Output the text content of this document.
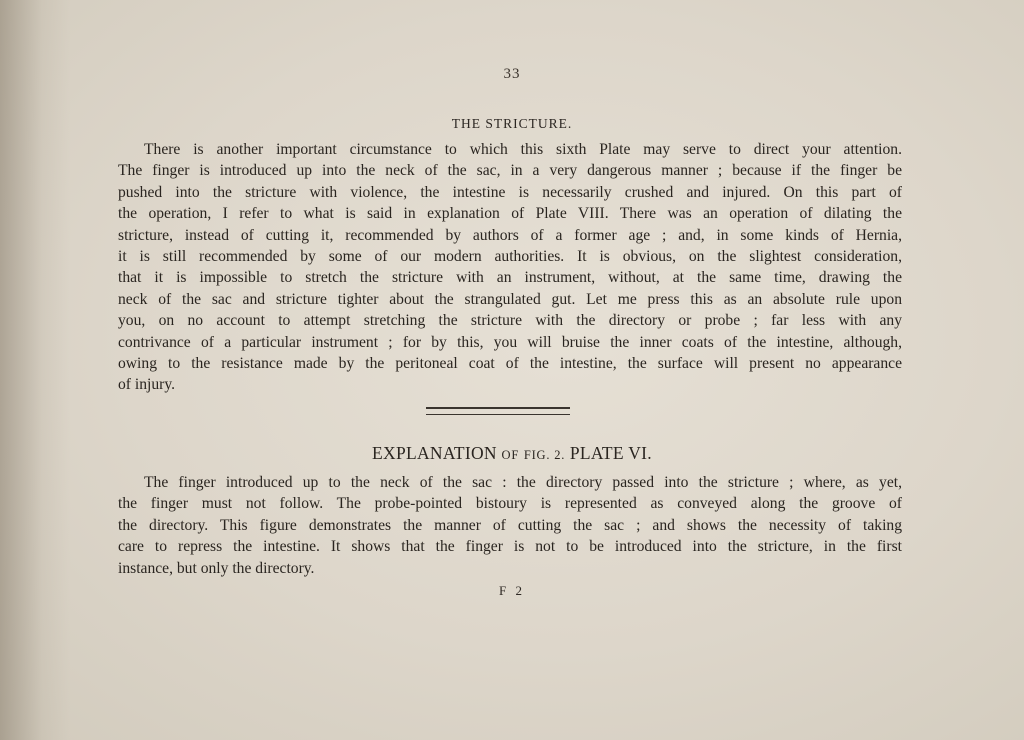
33
THE STRICTURE.
There is another important circumstance to which this sixth Plate may serve to direct your attention.
The finger is introduced up into the neck of the sac, in a very dangerous manner ; because if the finger be
pushed into the stricture with violence, the intestine is necessarily crushed and injured. On this part of
the operation, I refer to what is said in explanation of Plate VIII. There was an operation of dilating the
stricture, instead of cutting it, recommended by authors of a former age ; and, in some kinds of Hernia,
it is still recommended by some of our modern authorities. It is obvious, on the slightest consideration,
that it is impossible to stretch the stricture with an instrument, without, at the same time, drawing the
neck of the sac and stricture tighter about the strangulated gut. Let me press this as an absolute rule upon
you, on no account to attempt stretching the stricture with the directory or probe ; far less with any
contrivance of a particular instrument ; for by this, you will bruise the inner coats of the intestine, although,
owing to the resistance made by the peritoneal coat of the intestine, the surface will present no appearance
of injury.
EXPLANATION OF FIG. 2. PLATE VI.
The finger introduced up to the neck of the sac : the directory passed into the stricture ; where, as yet,
the finger must not follow. The probe-pointed bistoury is represented as conveyed along the groove of
the directory. This figure demonstrates the manner of cutting the sac ; and shows the necessity of taking
care to repress the intestine. It shows that the finger is not to be introduced into the stricture, in the first
instance, but only the directory.
F 2
